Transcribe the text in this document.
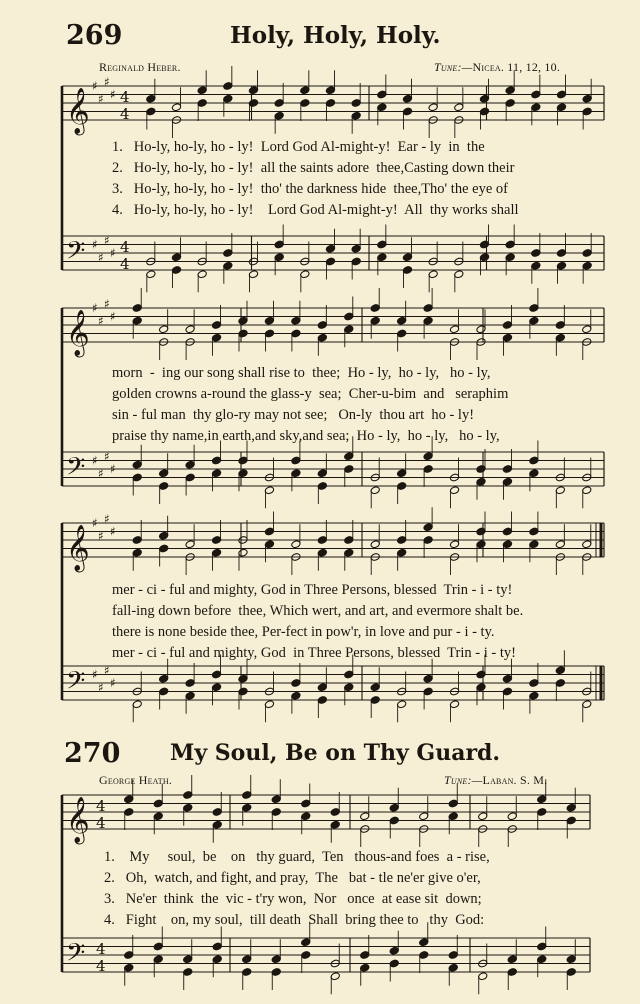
269	Holy, Holy, Holy.
Reginald Heber.	Tune:—Nicea. 11, 12, 10.
1.   Ho-ly, ho-ly, ho - ly!  Lord God Al-might-y!  Ear - ly  in  the
2.   Ho-ly, ho-ly, ho - ly!  all the saints adore  thee,Casting down their
3.   Ho-ly, ho-ly, ho - ly!  tho' the darkness hide  thee,Tho' the eye of
4.   Ho-ly, ho-ly, ho - ly!    Lord God Al-might-y!  All  thy works shall
morn  -  ing our song shall rise to  thee;  Ho - ly,  ho - ly,   ho - ly,
golden crowns a-round the glass-y  sea;  Cher-u-bim  and   seraphim
sin - ful man  thy glo-ry may not see;   On-ly  thou art  ho - ly!
praise thy name,in earth,and sky,and sea;  Ho - ly,  ho - ly,   ho - ly,
mer - ci - ful and mighty, God in Three Persons, blessed  Trin - i - ty!
fall-ing down before  thee, Which wert, and art, and evermore shalt be.
there is none beside thee, Per-fect in pow'r, in love and pur - i - ty.
mer - ci - ful and mighty, God  in Three Persons, blessed  Trin - i - ty!
270 My Soul, Be on Thy Guard.
George Heath.	Tune:—Laban. S. M.
1.    My     soul,  be    on   thy guard,  Ten   thous-and foes  a - rise,
2.   Oh,  watch, and fight, and pray,  The   bat - tle ne'er give o'er,
3.   Ne'er  think  the  vic - t'ry won,  Nor   once  at ease sit  down;
4.   Fight    on, my soul,  till death  Shall  bring thee to   thy  God:
𝄞
𝄢
♯
♯
♯
♯
♯
♯
♯
♯
4
4
4
4
𝄞
𝄢
♯
♯
♯
♯
♯
♯
♯
♯
𝄞
𝄢
♯
♯
♯
♯
♯
♯
♯
♯
𝄞
𝄢
4
4
4
4
